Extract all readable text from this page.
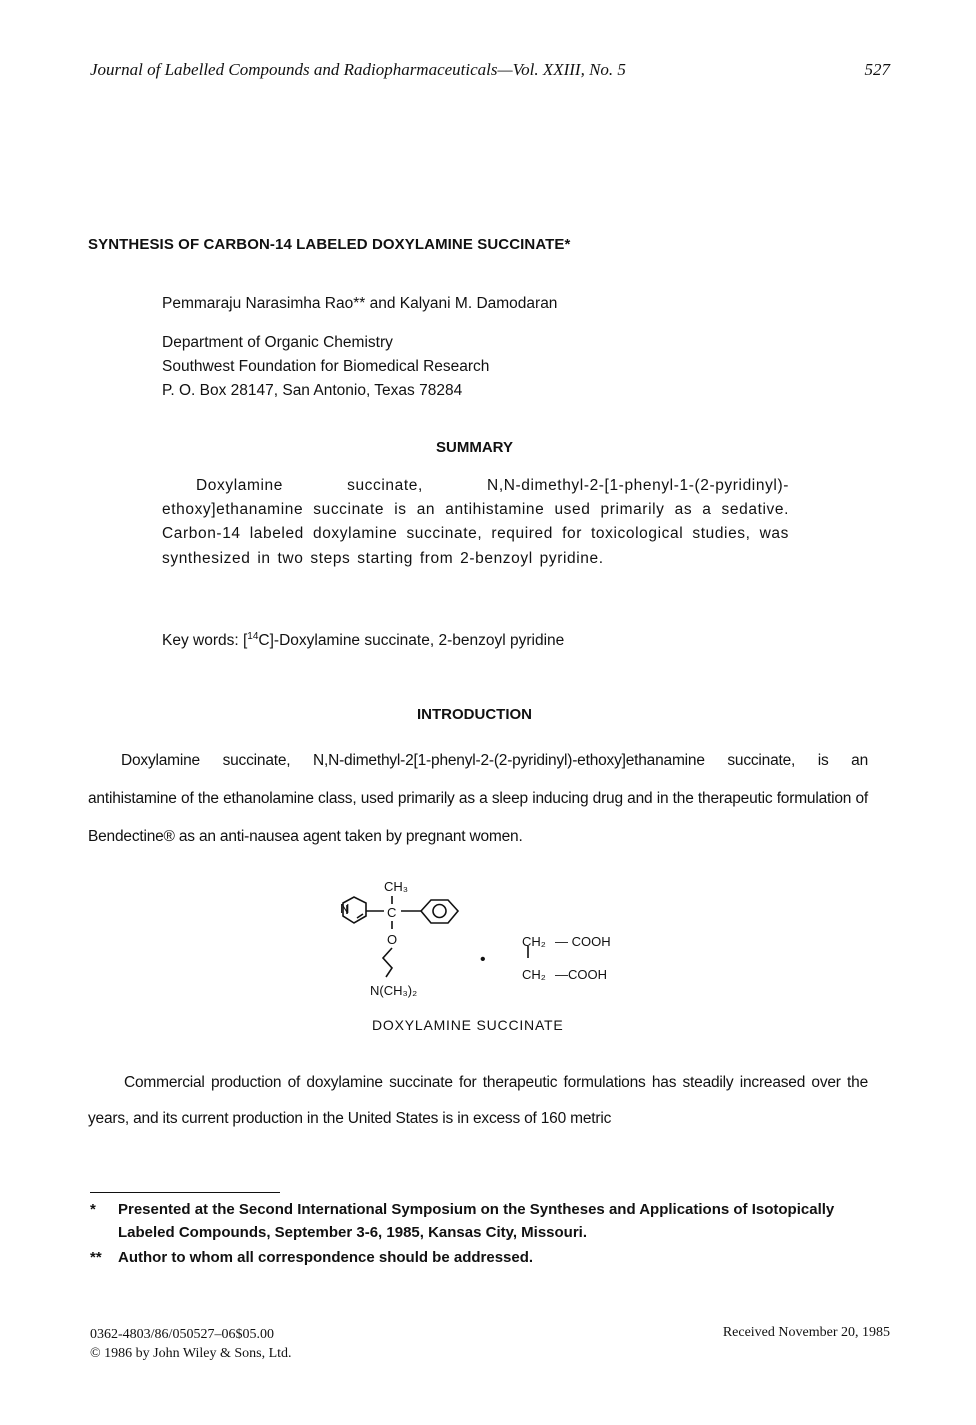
Journal of Labelled Compounds and Radiopharmaceuticals—Vol. XXIII, No. 5	527
SYNTHESIS OF CARBON-14 LABELED DOXYLAMINE SUCCINATE*
Pemmaraju Narasimha Rao** and Kalyani M. Damodaran
Department of Organic Chemistry
Southwest Foundation for Biomedical Research
P. O. Box 28147, San Antonio, Texas 78284
SUMMARY
Doxylamine succinate, N,N-dimethyl-2-[1-phenyl-1-(2-pyridinyl)-ethoxy]ethanamine succinate is an antihistamine used primarily as a sedative. Carbon-14 labeled doxylamine succinate, required for toxicological studies, was synthesized in two steps starting from 2-benzoyl pyridine.
Key words: [$^{14}$C]-Doxylamine succinate, 2-benzoyl pyridine
INTRODUCTION
Doxylamine succinate, N,N-dimethyl-2[1-phenyl-2-(2-pyridinyl)-ethoxy]ethanamine succinate, is an antihistamine of the ethanolamine class, used primarily as a sleep inducing drug and in the therapeutic formulation of Bendectine® as an anti-nausea agent taken by pregnant women.
CH₃
N	C
O
N(CH₃)₂
•
CH₂
CH₂
— COOH
—COOH
DOXYLAMINE SUCCINATE
Commercial production of doxylamine succinate for therapeutic formulations has steadily increased over the years, and its current production in the United States is in excess of 160 metric
*	Presented at the Second International Symposium on the Syntheses and Applications of Isotopically Labeled Compounds, September 3-6, 1985, Kansas City, Missouri.
**	Author to whom all correspondence should be addressed.
0362-4803/86/050527–06$05.00
© 1986 by John Wiley & Sons, Ltd.
Received November 20, 1985
